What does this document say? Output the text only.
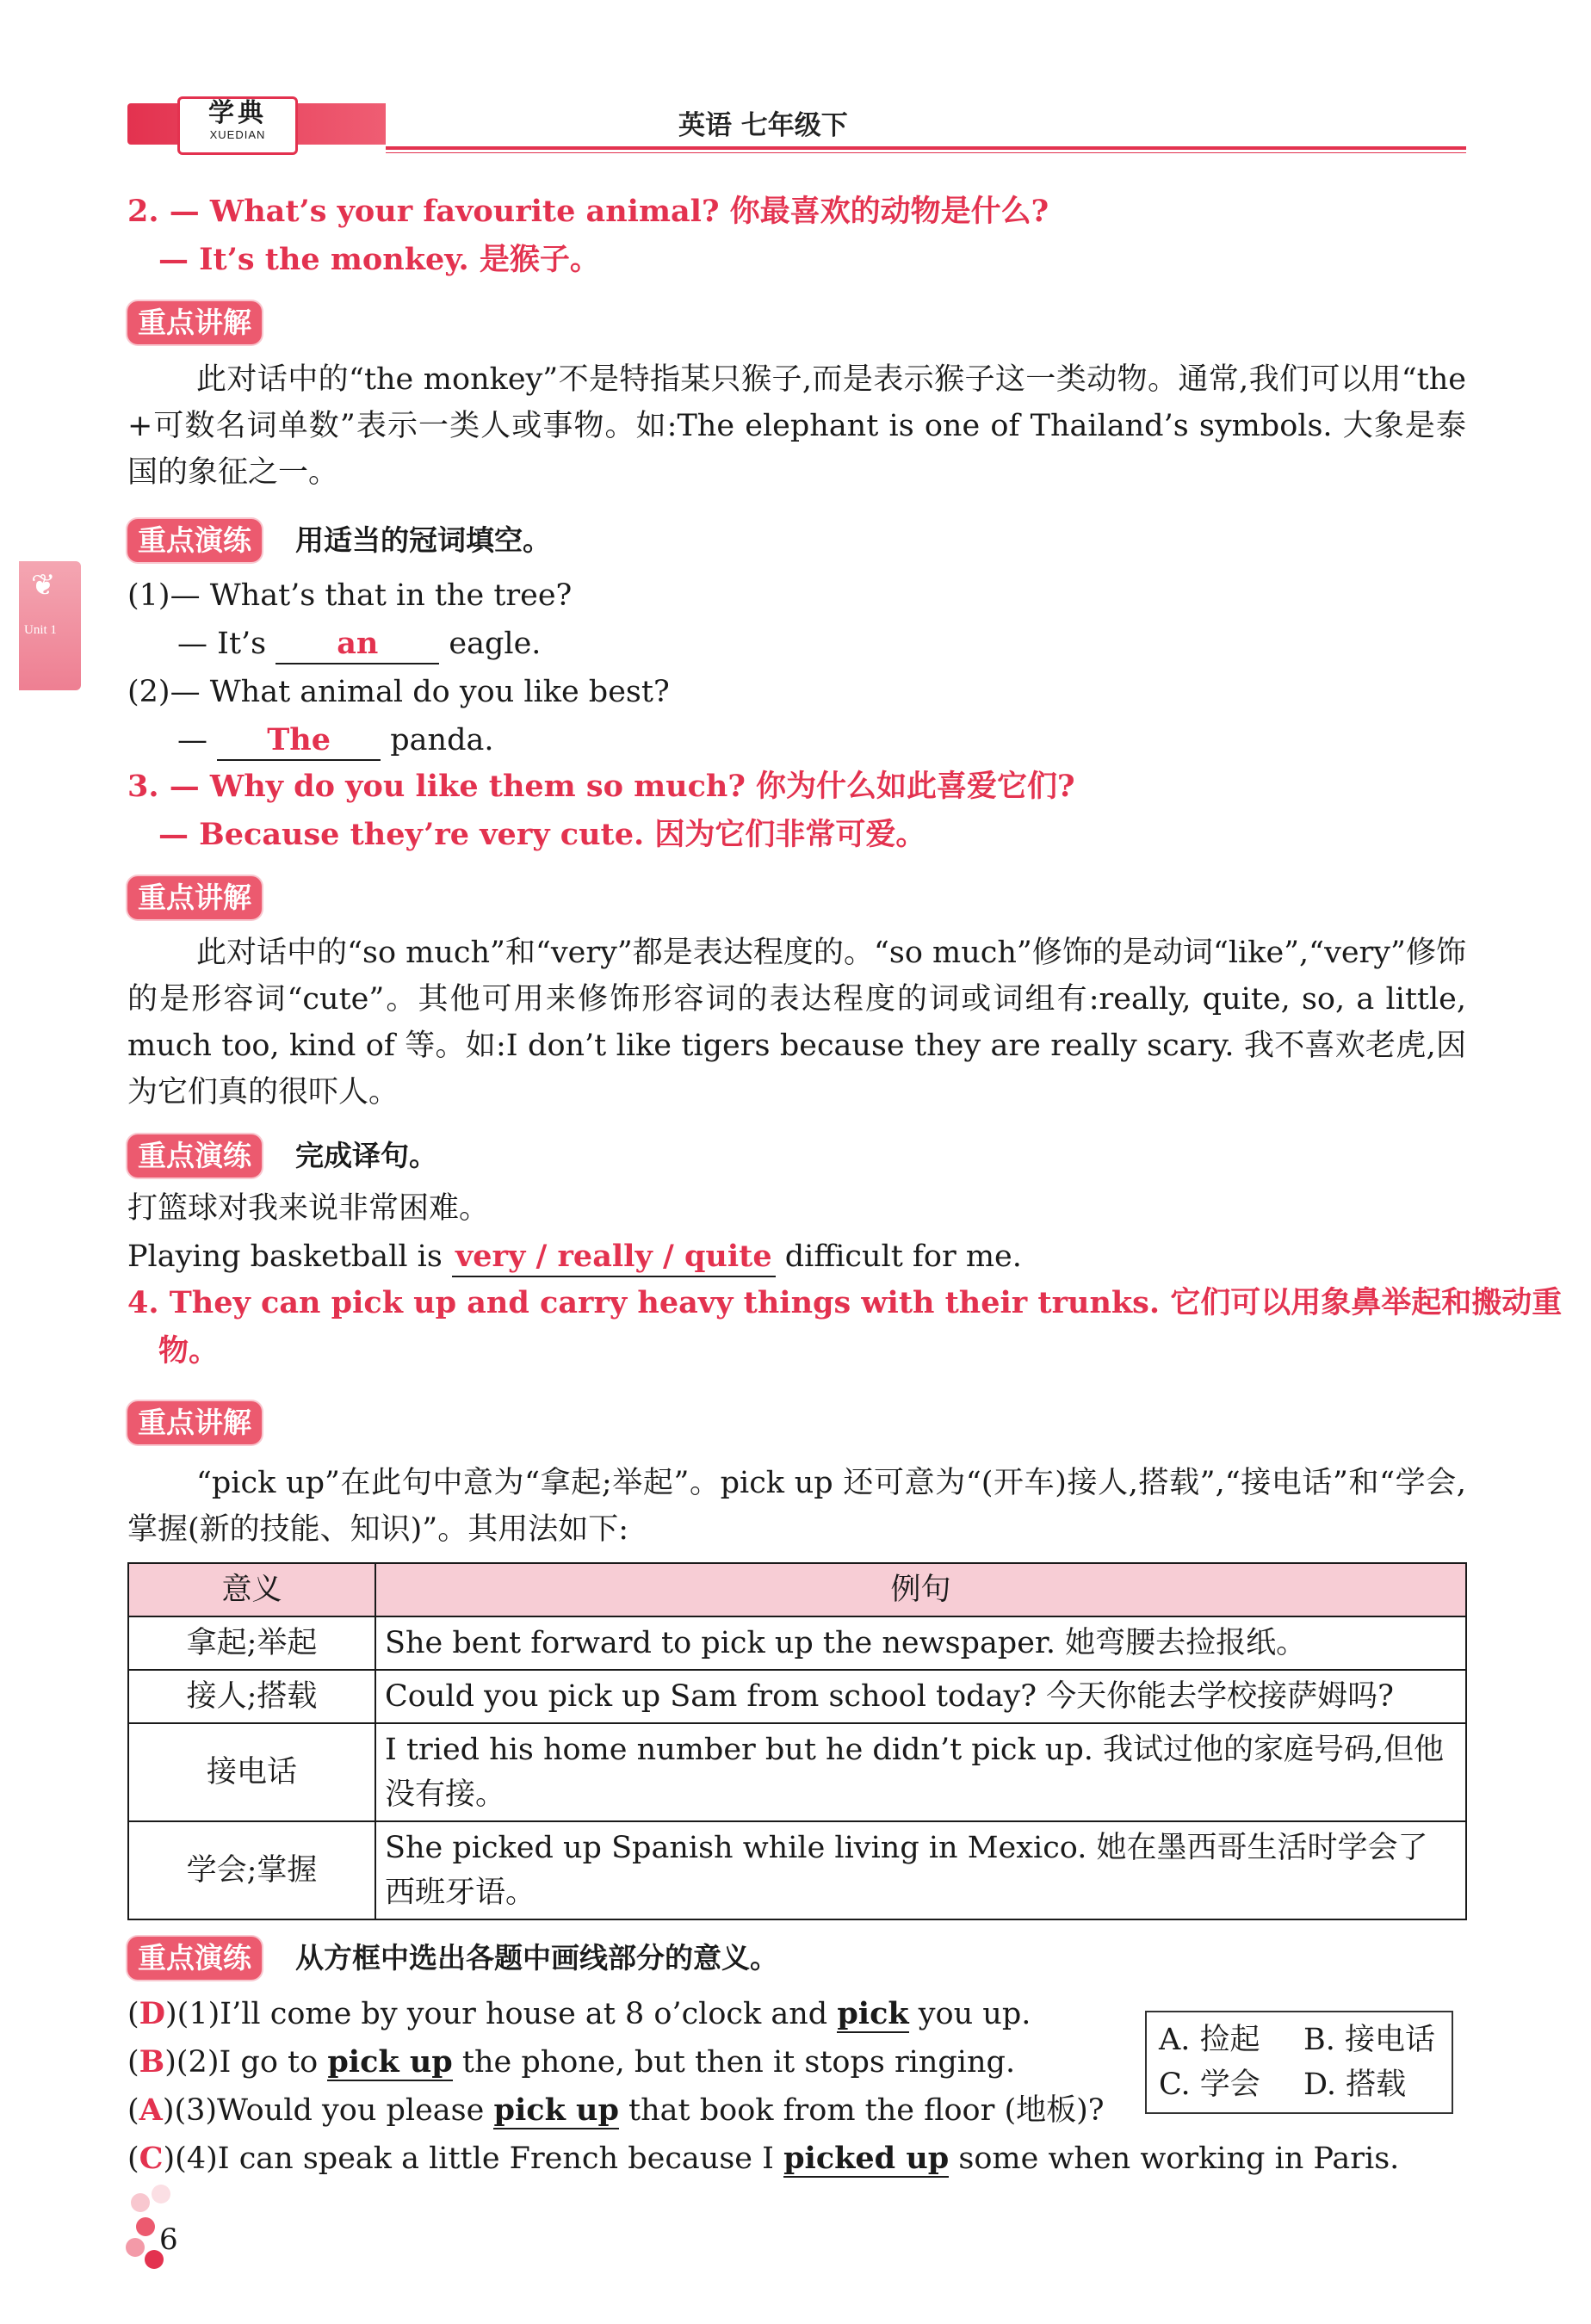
学典
XUEDIAN	英语 七年级下
❦
Unit 1
2. — What’s your favourite animal? 你最喜欢的动物是什么?
— It’s the monkey. 是猴子。
重点讲解
此对话中的“the monkey”不是特指某只猴子,而是表示猴子这一类动物。通常,我们可以用“the +可数名词单数”表示一类人或事物。如:The elephant is one of Thailand’s symbols. 大象是泰国的象征之一。
重点演练	用适当的冠词填空。
(1)— What’s that in the tree?
— It’s an eagle.
(2)— What animal do you like best?
— The panda.
3. — Why do you like them so much? 你为什么如此喜爱它们?
— Because they’re very cute. 因为它们非常可爱。
重点讲解
此对话中的“so much”和“very”都是表达程度的。“so much”修饰的是动词“like”,“very”修饰的是形容词“cute”。其他可用来修饰形容词的表达程度的词或词组有:really, quite, so, a little, much too, kind of 等。如:I don’t like tigers because they are really scary. 我不喜欢老虎,因为它们真的很吓人。
重点演练	完成译句。
打篮球对我来说非常困难。
Playing basketball is very / really / quite difficult for me.
4. They can pick up and carry heavy things with their trunks. 它们可以用象鼻举起和搬动重
物。
重点讲解
“pick up”在此句中意为“拿起;举起”。pick up 还可意为“(开车)接人,搭载”,“接电话”和“学会,掌握(新的技能、知识)”。其用法如下:
意义	例句
拿起;举起	She bent forward to pick up the newspaper. 她弯腰去捡报纸。
接人;搭载	Could you pick up Sam from school today? 今天你能去学校接萨姆吗?
接电话	I tried his home number but he didn’t pick up. 我试过他的家庭号码,但他没有接。
学会;掌握	She picked up Spanish while living in Mexico. 她在墨西哥生活时学会了西班牙语。
重点演练	从方框中选出各题中画线部分的意义。
(D)(1)I’ll come by your house at 8 o’clock and pick you up.
(B)(2)I go to pick up the phone, but then it stops ringing.
(A)(3)Would you please pick up that book from the floor (地板)?
(C)(4)I can speak a little French because I picked up some when working in Paris.
A. 捡起 B. 接电话
C. 学会 D. 搭载
6
